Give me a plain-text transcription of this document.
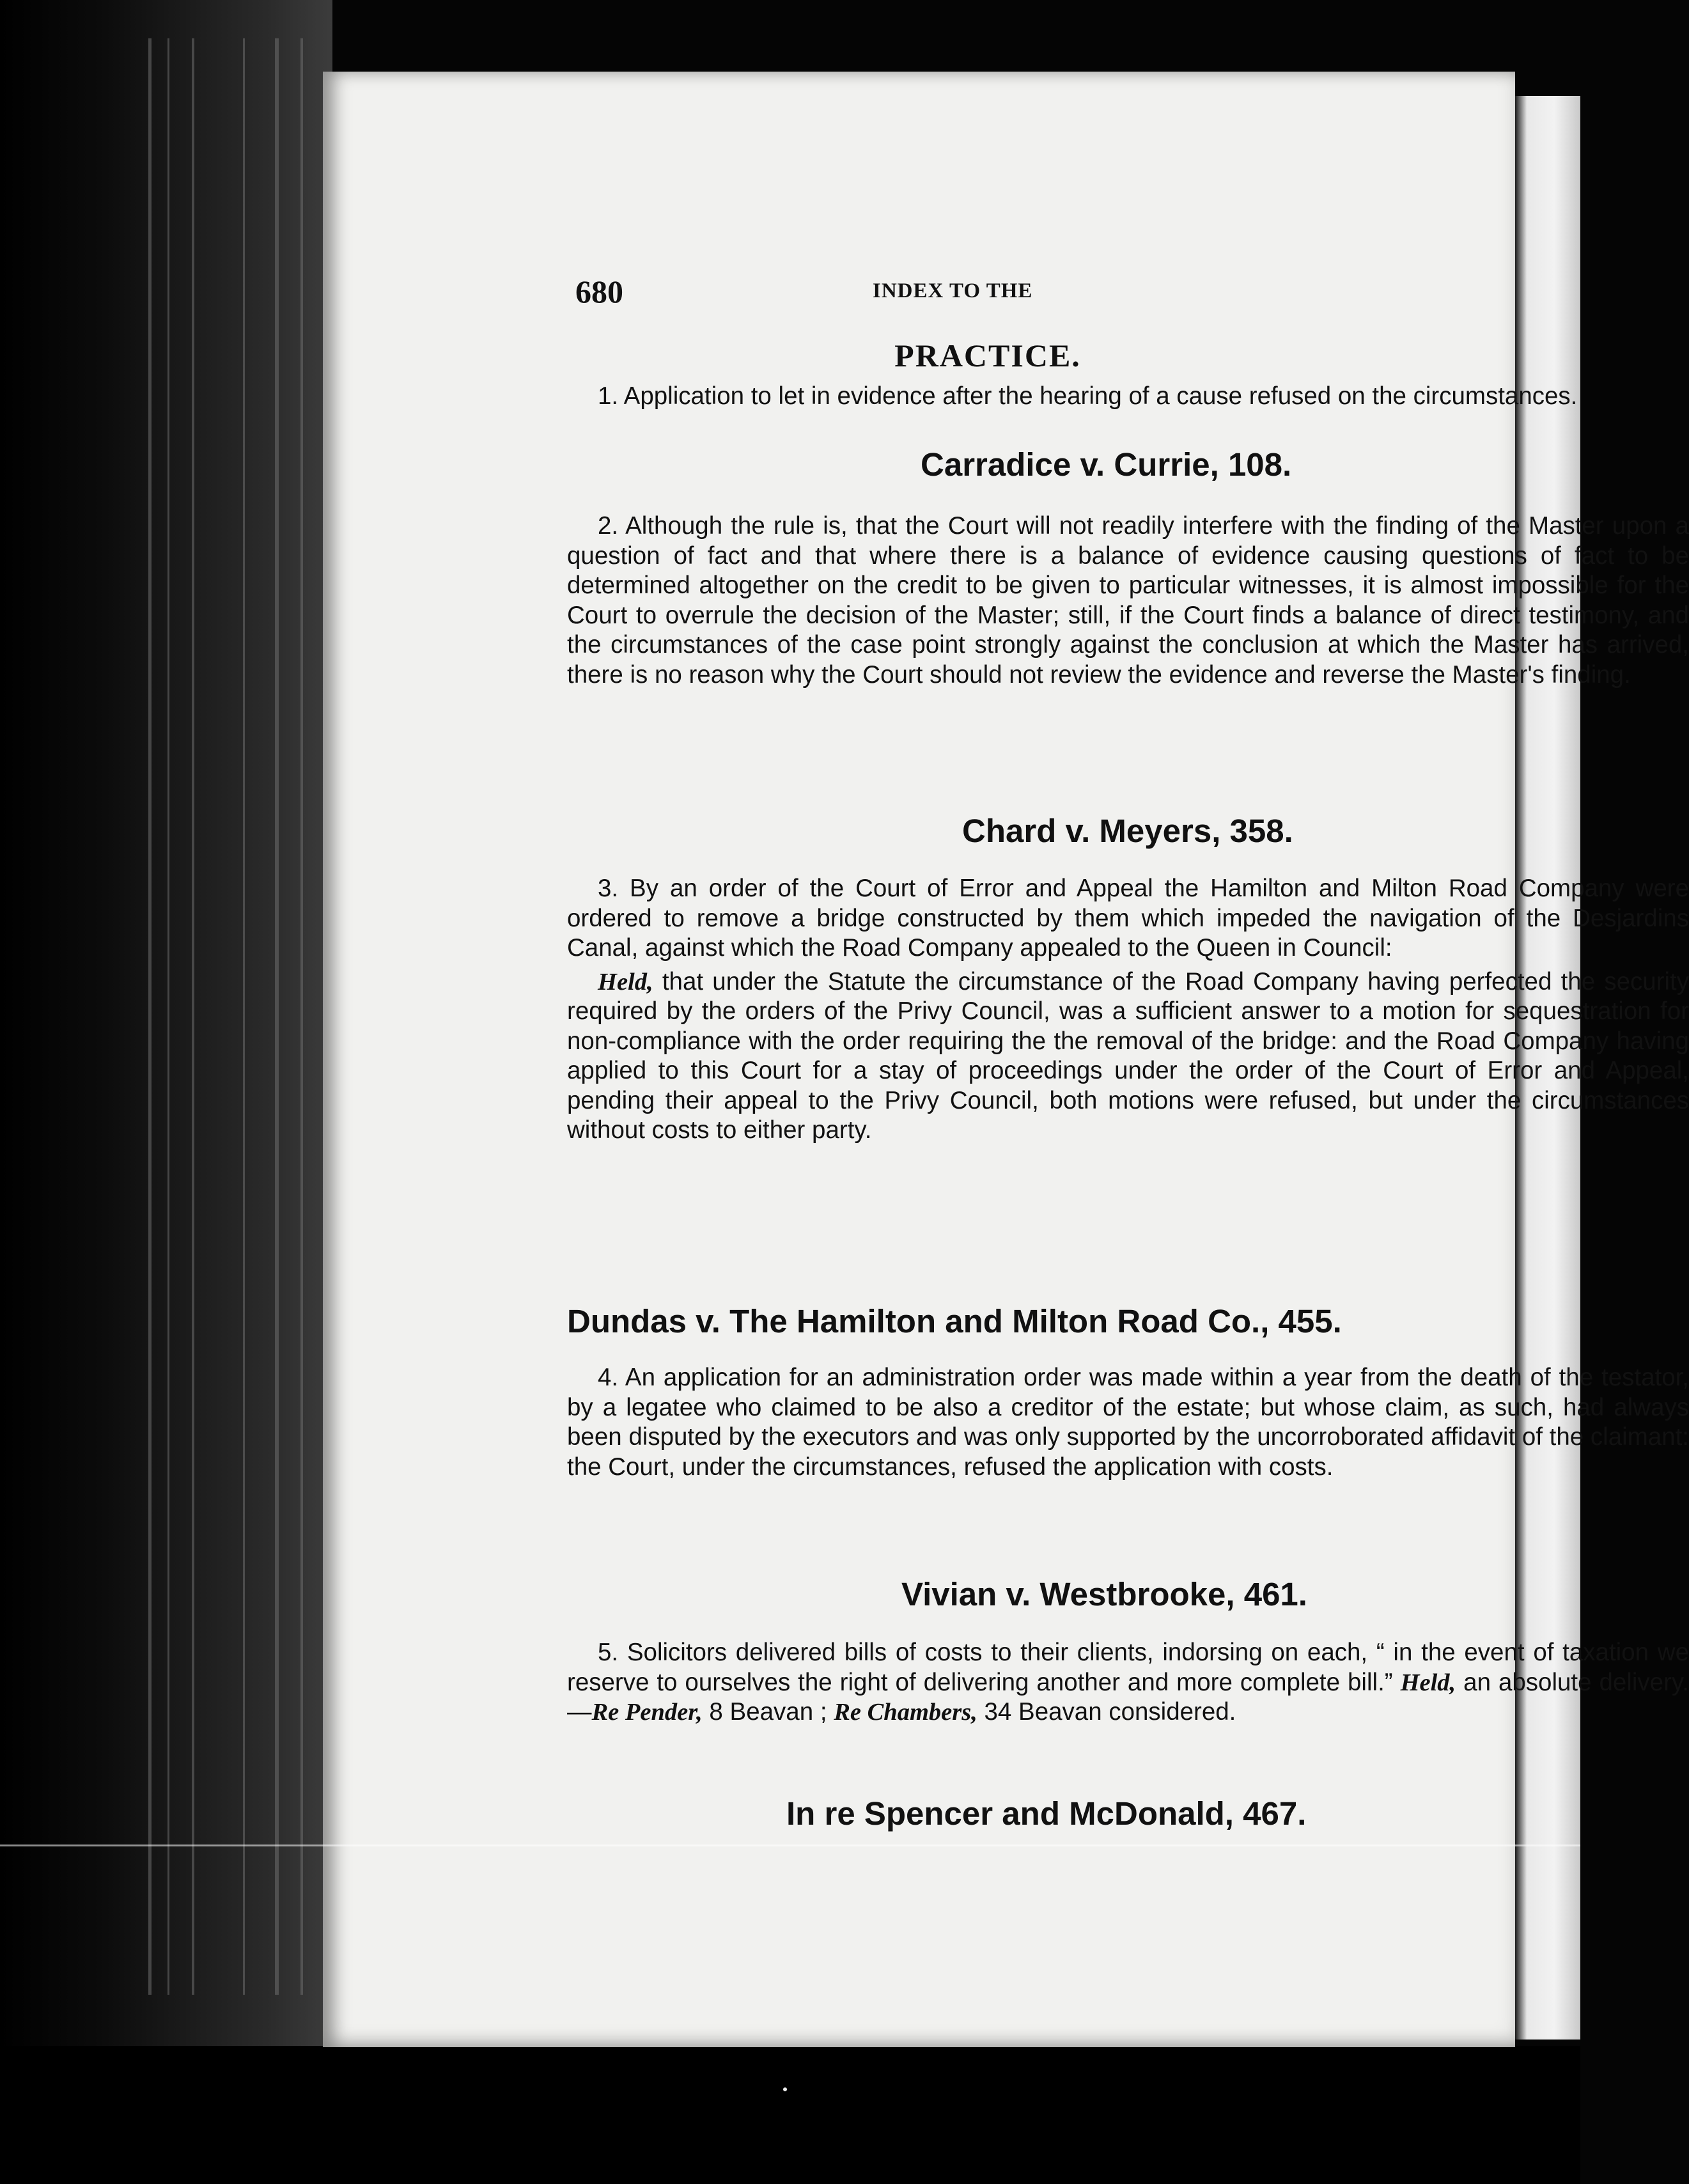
680	INDEX TO THE
PRACTICE.

1. Application to let in evidence after the hearing of a cause refused on the circumstances.

Carradice v. Currie, 108.

2. Although the rule is, that the Court will not readily interfere with the finding of the Master upon a question of fact and that where there is a balance of evidence causing questions of fact to be determined altogether on the credit to be given to particular witnesses, it is almost impossible for the Court to overrule the decision of the Master; still, if the Court finds a balance of direct testimony, and the circumstances of the case point strongly against the conclusion at which the Master has arrived, there is no reason why the Court should not review the evidence and reverse the Master's finding.

Chard v. Meyers, 358.

3. By an order of the Court of Error and Appeal the Hamilton and Milton Road Company were ordered to remove a bridge constructed by them which impeded the navigation of the Desjardins Canal, against which the Road Company appealed to the Queen in Council:

Held, that under the Statute the circumstance of the Road Company having perfected the security required by the orders of the Privy Council, was a sufficient answer to a motion for sequestration for non-compliance with the order requiring the the removal of the bridge: and the Road Company having applied to this Court for a stay of proceedings under the order of the Court of Error and Appeal, pending their appeal to the Privy Council, both motions were refused, but under the circumstances without costs to either party.

Dundas v. The Hamilton and Milton Road Co., 455.

4. An application for an administration order was made within a year from the death of the testator, by a legatee who claimed to be also a creditor of the estate; but whose claim, as such, had always been disputed by the executors and was only supported by the uncorroborated affidavit of the claimant: the Court, under the circumstances, refused the application with costs.

Vivian v. Westbrooke, 461.

5. Solicitors delivered bills of costs to their clients, indorsing on each, “ in the event of taxation we reserve to ourselves the right of delivering another and more complete bill.” Held, an absolute delivery.—Re Pender, 8 Beavan ; Re Chambers, 34 Beavan considered.

In re Spencer and McDonald, 467.
